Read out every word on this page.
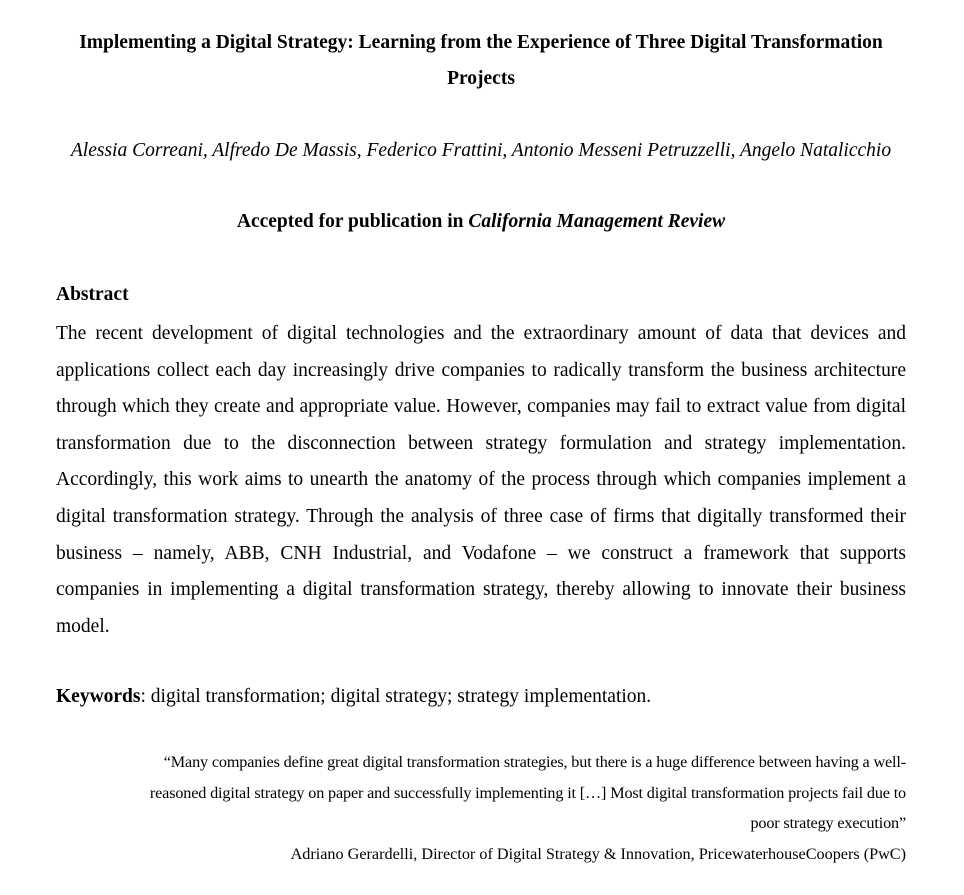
Implementing a Digital Strategy: Learning from the Experience of Three Digital Transformation Projects
Alessia Correani, Alfredo De Massis, Federico Frattini, Antonio Messeni Petruzzelli, Angelo Natalicchio
Accepted for publication in California Management Review
Abstract
The recent development of digital technologies and the extraordinary amount of data that devices and applications collect each day increasingly drive companies to radically transform the business architecture through which they create and appropriate value. However, companies may fail to extract value from digital transformation due to the disconnection between strategy formulation and strategy implementation. Accordingly, this work aims to unearth the anatomy of the process through which companies implement a digital transformation strategy. Through the analysis of three case of firms that digitally transformed their business – namely, ABB, CNH Industrial, and Vodafone – we construct a framework that supports companies in implementing a digital transformation strategy, thereby allowing to innovate their business model.
Keywords: digital transformation; digital strategy; strategy implementation.
“Many companies define great digital transformation strategies, but there is a huge difference between having a well-
reasoned digital strategy on paper and successfully implementing it […] Most digital transformation projects fail due to
poor strategy execution”
Adriano Gerardelli, Director of Digital Strategy & Innovation, PricewaterhouseCoopers (PwC)
